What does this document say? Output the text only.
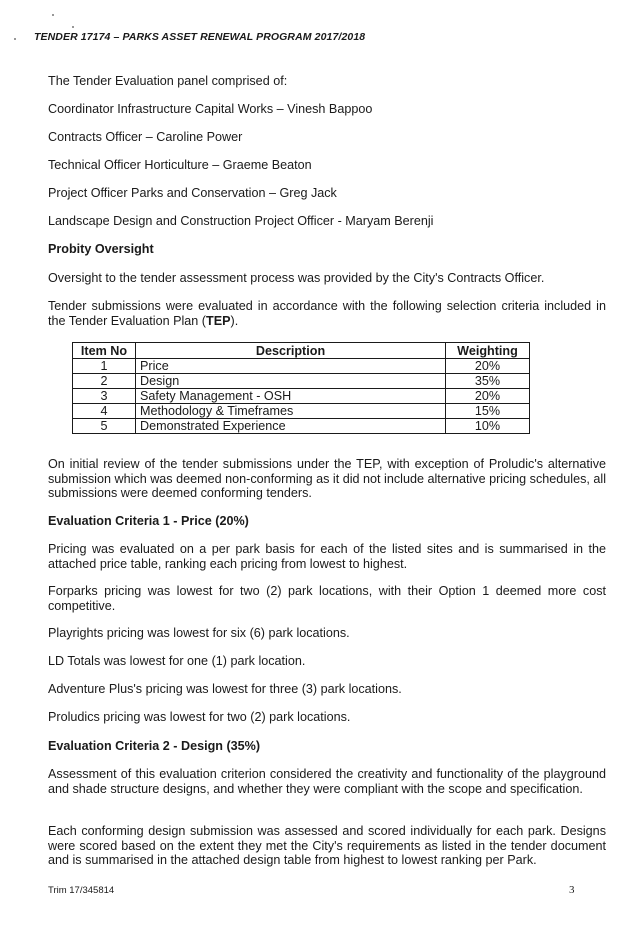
TENDER 17174 – PARKS ASSET RENEWAL PROGRAM 2017/2018

The Tender Evaluation panel comprised of:

Coordinator Infrastructure Capital Works – Vinesh Bappoo

Contracts Officer – Caroline Power

Technical Officer Horticulture – Graeme Beaton

Project Officer Parks and Conservation – Greg Jack

Landscape Design and Construction Project Officer - Maryam Berenji

Probity Oversight

Oversight to the tender assessment process was provided by the City's Contracts Officer.

Tender submissions were evaluated in accordance with the following selection criteria included in the Tender Evaluation Plan (TEP).

Item No	Description	Weighting
1	Price	20%
2	Design	35%
3	Safety Management - OSH	20%
4	Methodology & Timeframes	15%
5	Demonstrated Experience	10%

On initial review of the tender submissions under the TEP, with exception of Proludic's alternative submission which was deemed non-conforming as it did not include alternative pricing schedules, all submissions were deemed conforming tenders.

Evaluation Criteria 1 - Price (20%)

Pricing was evaluated on a per park basis for each of the listed sites and is summarised in the attached price table, ranking each pricing from lowest to highest.

Forparks pricing was lowest for two (2) park locations, with their Option 1 deemed more cost competitive.

Playrights pricing was lowest for six (6) park locations.

LD Totals was lowest for one (1) park location.

Adventure Plus's pricing was lowest for three (3) park locations.

Proludics pricing was lowest for two (2) park locations.

Evaluation Criteria 2 - Design (35%)

Assessment of this evaluation criterion considered the creativity and functionality of the playground and shade structure designs, and whether they were compliant with the scope and specification.

Each conforming design submission was assessed and scored individually for each park. Designs were scored based on the extent they met the City's requirements as listed in the tender document and is summarised in the attached design table from highest to lowest ranking per Park.

Trim 17/345814	3
